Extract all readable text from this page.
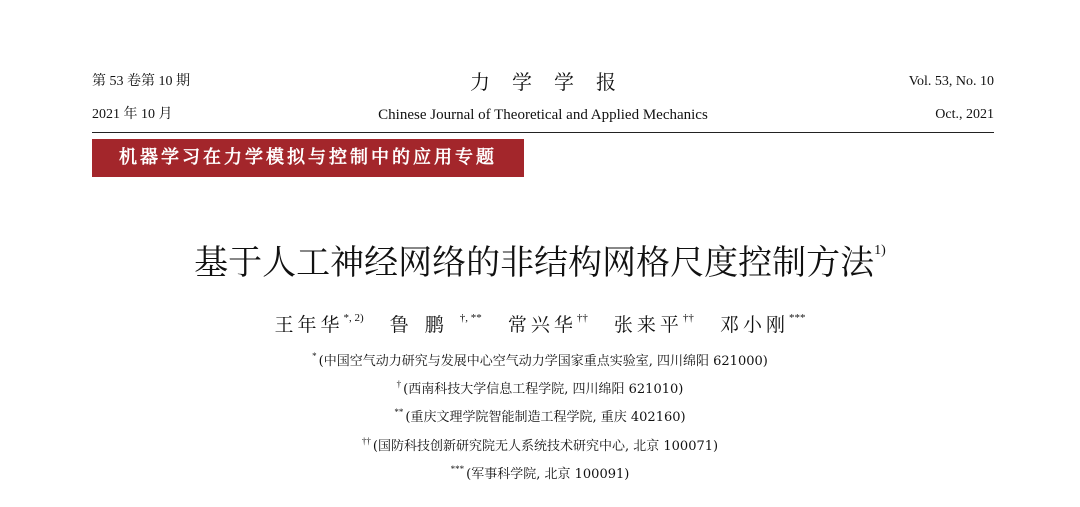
第 53 卷第 10 期	力学学报	Vol. 53, No. 10
2021 年 10 月	Chinese Journal of Theoretical and Applied Mechanics	Oct., 2021
机器学习在力学模拟与控制中的应用专题
基于人工神经网络的非结构网格尺度控制方法$^{1)}$
王年华$^{*, 2)}$ 鲁鹏†, ** 常兴华†† 张来平†† 邓小刚***
* (中国空气动力研究与发展中心空气动力学国家重点实验室, 四川绵阳 621000)
† (西南科技大学信息工程学院, 四川绵阳 621010)
** (重庆文理学院智能制造工程学院, 重庆 402160)
†† (国防科技创新研究院无人系统技术研究中心, 北京 100071)
*** (军事科学院, 北京 100091)
